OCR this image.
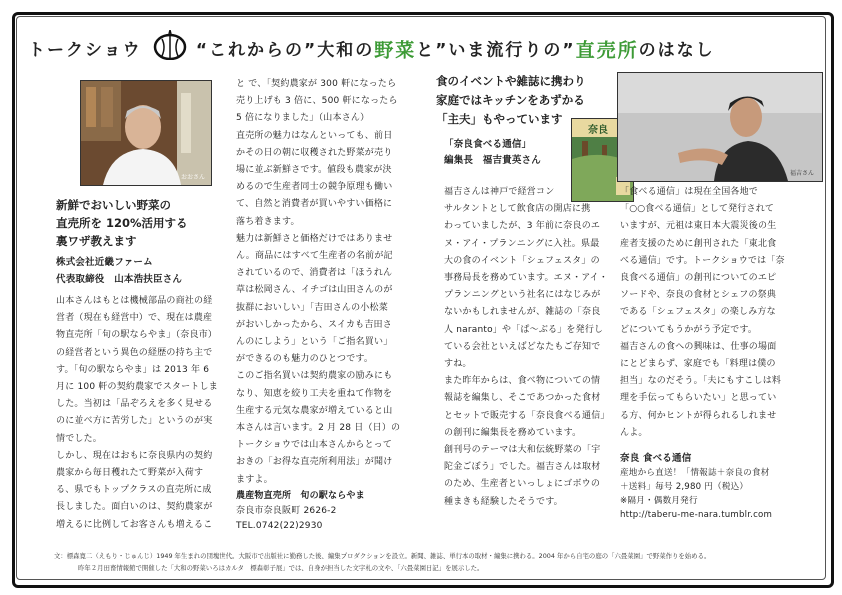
トークショウ	“これからの”大和の野菜と”いま流行りの”直売所のはなし
おおさん
新鮮でおいしい野菜の
直売所を 120%活用する
裏ワザ教えます
株式会社近畿ファーム
代表取締役　山本浩扶臣さん

山本さんはもとは機械部品の商社の経

営者（現在も経営中）で、現在は農産

物直売所「旬の駅ならやま」（奈良市）

の経営者という異色の経歴の持ち主で

す。「旬の駅ならやま」は 2013 年 6

月に 100 軒の契約農家でスタートしま

した。当初は「品ぞろえを多く見せる

のに並べ方に苦労した」というのが実

情でした。

しかし、現在はおもに奈良県内の契約

農家から毎日穫れたて野菜が入荷す

る、県でもトップクラスの直売所に成

長しました。面白いのは、契約農家が

増えるに比例してお客さんも増えるこ

と で、「契約農家が 300 軒になったら

売り上げも 3 倍に、500 軒になったら

5 倍になりました」（山本さん）

直売所の魅力はなんといっても、前日

かその日の朝に収穫された野菜が売り

場に並ぶ新鮮さです。値段も農家が決

めるので生産者同士の競争原理も働い

て、自然と消費者が買いやすい価格に

落ち着きます。

魅力は新鮮さと価格だけではありませ

ん。商品にはすべて生産者の名前が記

されているので、消費者は「ほうれん

草は松岡さん、イチゴは山田さんのが

抜群においしい」「吉田さんの小松菜

がおいしかったから、スイカも吉田さ

んのにしよう」という「ご指名買い」

ができるのも魅力のひとつです。

このご指名買いは契約農家の励みにも

なり、知恵を絞り工夫を重ねて作物を

生産する元気な農家が増えていると山

本さんは言います。2 月 28 日（日）の

トークショウでは山本さんからとって

おきの「お得な直売所利用法」が聞け

ますよ。

農産物直売所　旬の駅ならやま
奈良市奈良阪町 2626-2
TEL.0742(22)2930
食のイベントや雑誌に携わり
家庭ではキッチンをあずかる
「主夫」もやっています
「奈良食べる通信」
編集長　福吉貴英さん
奈良
福吉さん

福吉さんは神戸で経営コン

サルタントとして飲食店の開店に携

わっていましたが、3 年前に奈良のエ

ヌ・アイ・プランニングに入社。県最

大の食のイベント「シェフェスタ」の

事務局長を務めています。エヌ・アイ・

プランニングという社名にはなじみが

ないかもしれませんが、雑誌の「奈良

人 naranto」や「ぱ～ぶる」を発行し

ている会社といえばどなたもご存知で

すね。

また昨年からは、食べ物についての情

報誌を編集し、そこであつかった食材

とセットで販売する「奈良食べる通信」

の創刊に編集長を務めています。

創刊号のテーマは大和伝統野菜の「宇

陀金ごぼう」でした。福吉さんは取材

のため、生産者といっしょにゴボウの

種まきも経験したそうです。

「食べる通信」は現在全国各地で

「○○食べる通信」として発行されて

いますが、元祖は東日本大震災後の生

産者支援のために創刊された「東北食

べる通信」です。トークショウでは「奈

良食べる通信」の創刊についてのエピ

ソードや、奈良の食材とシェフの祭典

である「シェフェスタ」の楽しみ方な

どについてもうかがう予定です。

福吉さんの食への興味は、仕事の場面

にとどまらず、家庭でも「料理は僕の

担当」なのだそう。「夫にもすこしは料

理を手伝ってもらいたい」と思ってい

る方、何かヒントが得られるしれませ

んよ。

奈良 食べる通信
産地から直送！「情報誌＋奈良の食材
＋送料」毎号 2,980 円（税込）
※隔月・偶数月発行
http://taberu-me-nara.tumblr.com
文：標森寛二（えもり・じゅんじ）1949 年生まれの団塊世代。大阪市で出版社に勤務した後、編集プロダクションを設立。新聞、雑誌、単行本の取材・編集に携わる。2004 年から自宅の庭の「六畳菜園」で野菜作りを始める。
昨年２月田畜情報館で開催した「大和の野菜いろはカルタ　標森彰子展」では、自身が担当した文字札の文や、「六畳菜園日記」を展示した。
